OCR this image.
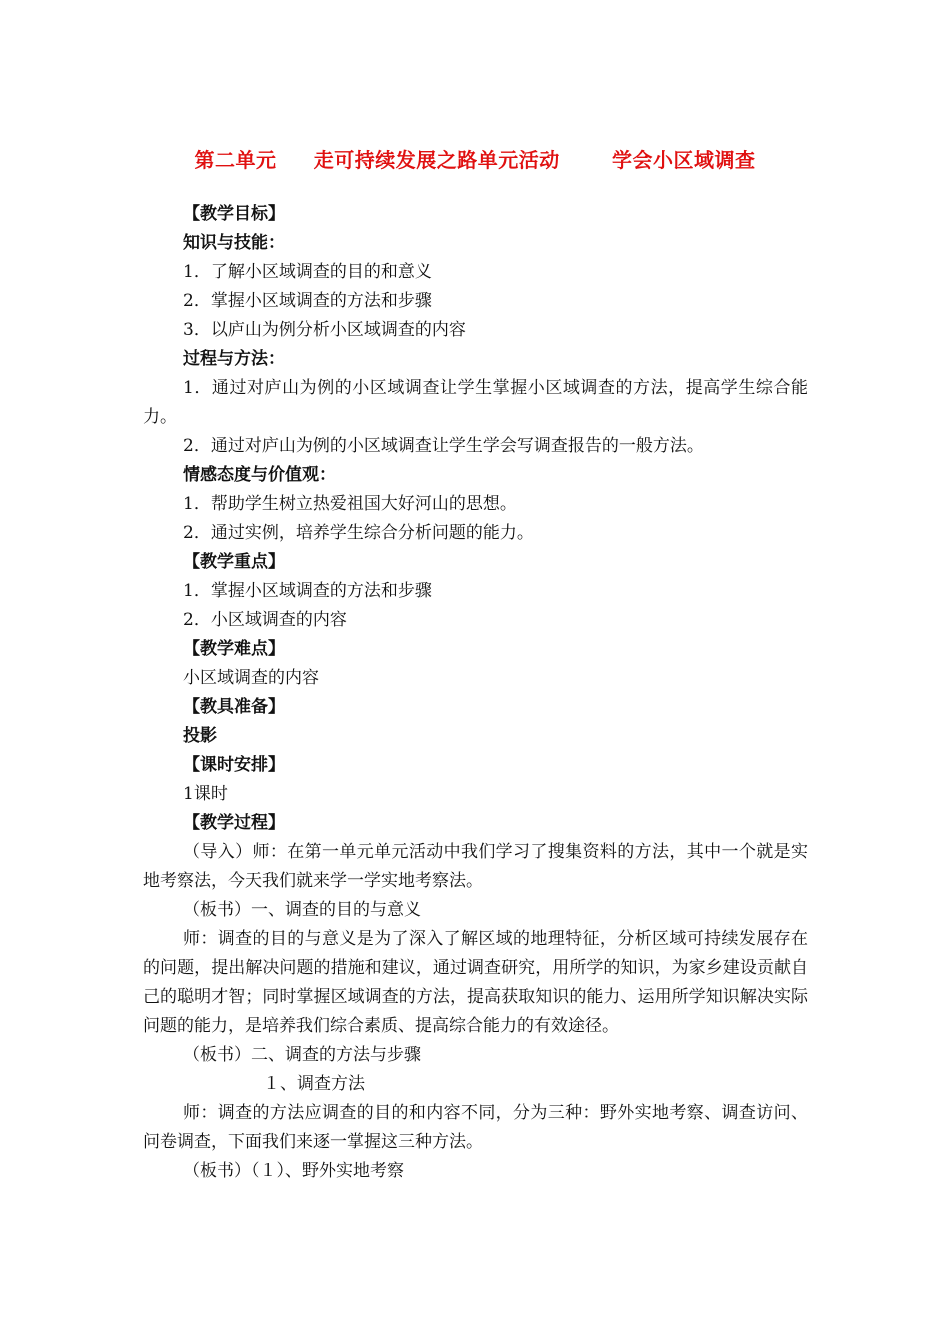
第二单元     走可持续发展之路单元活动       学会小区域调查
【教学目标】
知识与技能：
1．了解小区域调查的目的和意义
2．掌握小区域调查的方法和步骤
3．以庐山为例分析小区域调查的内容
过程与方法：
1．通过对庐山为例的小区域调查让学生掌握小区域调查的方法，提高学生综合能力。
2．通过对庐山为例的小区域调查让学生学会写调查报告的一般方法。
情感态度与价值观：
1．帮助学生树立热爱祖国大好河山的思想。
2．通过实例，培养学生综合分析问题的能力。
【教学重点】
1．掌握小区域调查的方法和步骤
2．小区域调查的内容
【教学难点】
小区域调查的内容
【教具准备】
投影
【课时安排】
1课时
【教学过程】
（导入）师：在第一单元单元活动中我们学习了搜集资料的方法，其中一个就是实地考察法，今天我们就来学一学实地考察法。
（板书）一、调查的目的与意义
师：调查的目的与意义是为了深入了解区域的地理特征，分析区域可持续发展存在的问题，提出解决问题的措施和建议，通过调查研究，用所学的知识，为家乡建设贡献自己的聪明才智；同时掌握区域调查的方法，提高获取知识的能力、运用所学知识解决实际问题的能力，是培养我们综合素质、提高综合能力的有效途径。
（板书）二、调查的方法与步骤
１、调查方法
师：调查的方法应调查的目的和内容不同，分为三种：野外实地考察、调查访问、问卷调查，下面我们来逐一掌握这三种方法。
（板书）（１）、野外实地考察
